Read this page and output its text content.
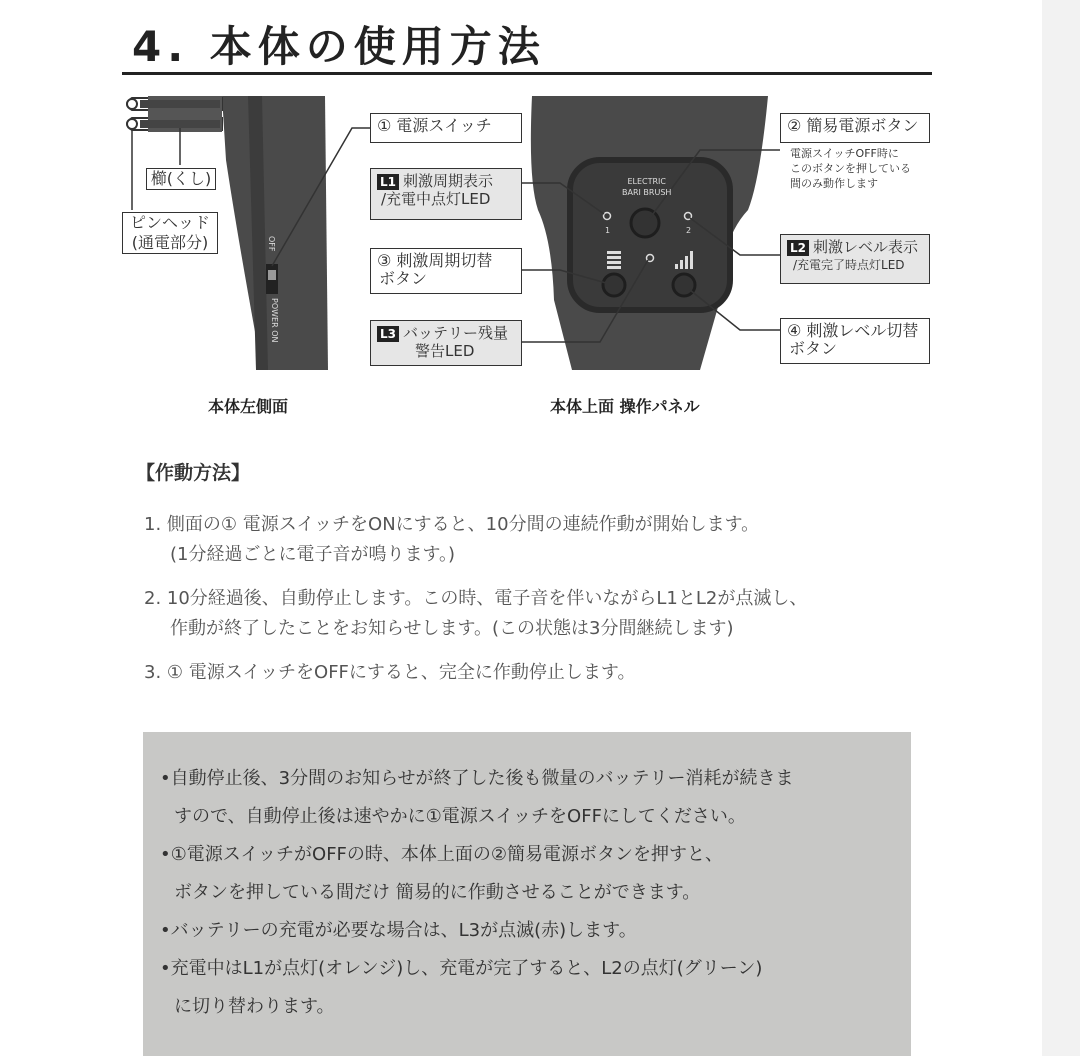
4. 本体の使用方法
櫛(くし)
ピンヘッド
(通電部分)	OFF
POWER ON
本体左側面
ELECTRIC
BARI BRUSH
1	2
本体上面 操作パネル
① 電源スイッチ
L1 刺激周期表示
/充電中点灯LED
③ 刺激周期切替
ボタン
L3 バッテリー残量
警告LED
② 簡易電源ボタン
電源スイッチOFF時に
このボタンを押している
間のみ動作します
L2 刺激レベル表示
/充電完了時点灯LED
④ 刺激レベル切替
ボタン
【作動方法】
1. 側面の① 電源スイッチをONにすると、10分間の連続作動が開始します。
(1分経過ごとに電子音が鳴ります。)
2. 10分経過後、自動停止します。この時、電子音を伴いながらL1とL2が点滅し、
作動が終了したことをお知らせします。(この状態は3分間継続します)
3. ① 電源スイッチをOFFにすると、完全に作動停止します。
•自動停止後、3分間のお知らせが終了した後も微量のバッテリー消耗が続きま
すので、自動停止後は速やかに①電源スイッチをOFFにしてください。
•①電源スイッチがOFFの時、本体上面の②簡易電源ボタンを押すと、
ボタンを押している間だけ 簡易的に作動させることができます。
•バッテリーの充電が必要な場合は、L3が点滅(赤)します。
•充電中はL1が点灯(オレンジ)し、充電が完了すると、L2の点灯(グリーン)
に切り替わります。
